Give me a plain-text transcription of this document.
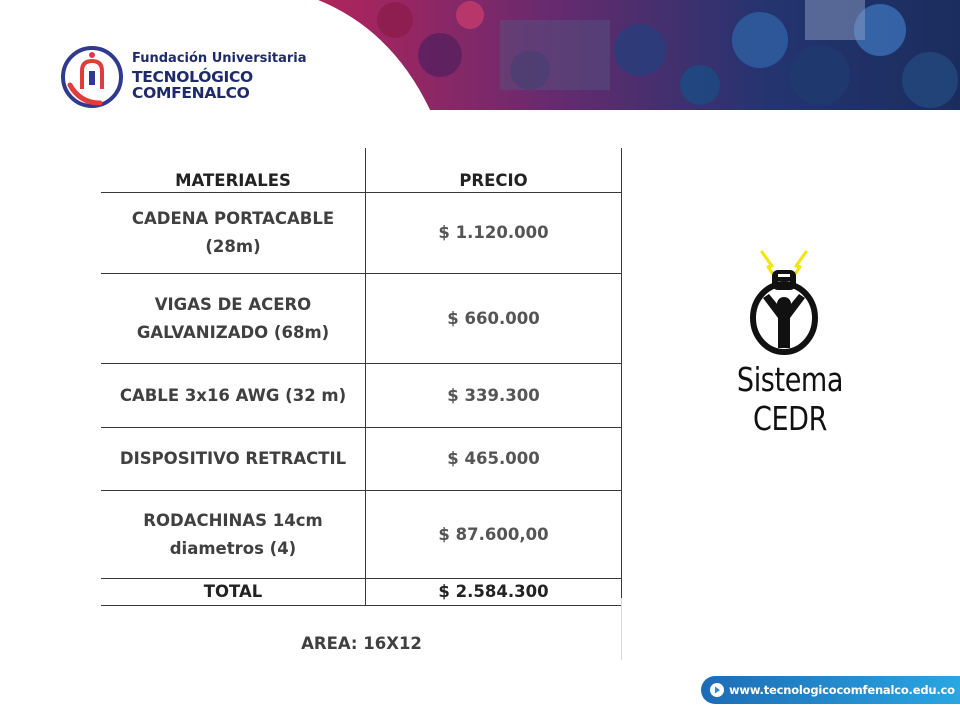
Fundación Universitaria
TECNOLÓGICO COMFENALCO
MATERIALES	PRECIO
CADENA PORTACABLE (28m)	$ 1.120.000
VIGAS DE ACERO GALVANIZADO (68m)	$ 660.000
CABLE 3x16 AWG (32 m)	$ 339.300
DISPOSITIVO RETRACTIL	$ 465.000
RODACHINAS 14cm diametros (4)	$ 87.600,00
TOTAL	$ 2.584.300
AREA: 16X12
Sistema CEDR
www.tecnologicocomfenalco.edu.co
